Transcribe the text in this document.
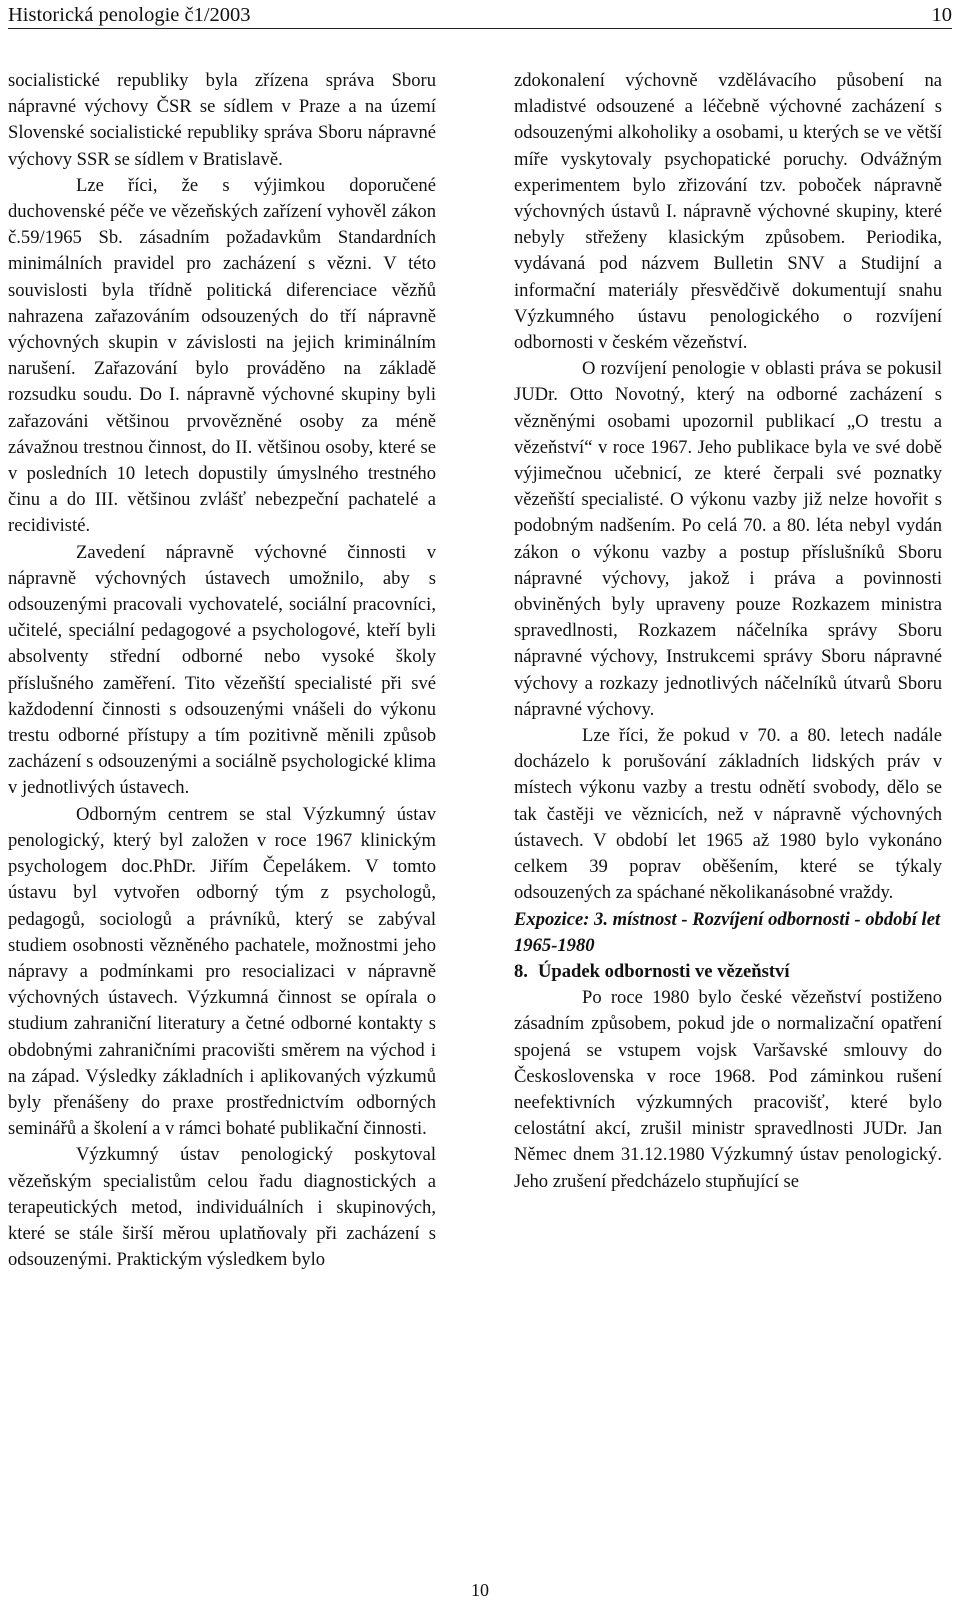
Historická penologie č1/2003	10

socialistické republiky byla zřízena správa Sboru nápravné výchovy ČSR se sídlem v Praze a na území Slovenské socialistické republiky správa Sboru nápravné výchovy SSR se sídlem v Bratislavě.

Lze říci, že s výjimkou doporučené duchovenské péče ve vězeňských zařízení vyhověl zákon č.59/1965 Sb. zásadním požadavkům Standardních minimálních pravidel pro zacházení s vězni. V této souvislosti byla třídně politická diferenciace vězňů nahrazena zařazováním odsouzených do tří nápravně výchovných skupin v závislosti na jejich kriminálním narušení. Zařazování bylo prováděno na základě rozsudku soudu. Do I. nápravně výchovné skupiny byli zařazováni většinou prvovězněné osoby za méně závažnou trestnou činnost, do II. většinou osoby, které se v posledních 10 letech dopustily úmyslného trestného činu a do III. většinou zvlášť nebezpeční pachatelé a recidivisté.

Zavedení nápravně výchovné činnosti v nápravně výchovných ústavech umožnilo, aby s odsouzenými pracovali vychovatelé, sociální pracovníci, učitelé, speciální pedagogové a psychologové, kteří byli absolventy střední odborné nebo vysoké školy příslušného zaměření. Tito vězeňští specialisté při své každodenní činnosti s odsouzenými vnášeli do výkonu trestu odborné přístupy a tím pozitivně měnili způsob zacházení s odsouzenými a sociálně psychologické klima v jednotlivých ústavech.

Odborným centrem se stal Výzkumný ústav penologický, který byl založen v roce 1967 klinickým psychologem doc.PhDr. Jiřím Čepelákem. V tomto ústavu byl vytvořen odborný tým z psychologů, pedagogů, sociologů a právníků, který se zabýval studiem osobnosti vězněného pachatele, možnostmi jeho nápravy a podmínkami pro resocializaci v nápravně výchovných ústavech. Výzkumná činnost se opírala o studium zahraniční literatury a četné odborné kontakty s obdobnými zahraničními pracovišti směrem na východ i na západ. Výsledky základních i aplikovaných výzkumů byly přenášeny do praxe prostřednictvím odborných seminářů a školení a v rámci bohaté publikační činnosti.

Výzkumný ústav penologický poskytoval vězeňským specialistům celou řadu diagnostických a terapeutických metod, individuálních i skupinových, které se stále širší měrou uplatňovaly při zacházení s odsouzenými. Praktickým výsledkem bylo

zdokonalení výchovně vzdělávacího působení na mladistvé odsouzené a léčebně výchovné zacházení s odsouzenými alkoholiky a osobami, u kterých se ve větší míře vyskytovaly psychopatické poruchy. Odvážným experimentem bylo zřizování tzv. poboček nápravně výchovných ústavů I. nápravně výchovné skupiny, které nebyly střeženy klasickým způsobem. Periodika, vydávaná pod názvem Bulletin SNV a Studijní a informační materiály přesvědčivě dokumentují snahu Výzkumného ústavu penologického o rozvíjení odbornosti v českém vězeňství.

O rozvíjení penologie v oblasti práva se pokusil JUDr. Otto Novotný, který na odborné zacházení s vězněnými osobami upozornil publikací „O trestu a vězeňství“ v roce 1967. Jeho publikace byla ve své době výjimečnou učebnicí, ze které čerpali své poznatky vězeňští specialisté. O výkonu vazby již nelze hovořit s podobným nadšením. Po celá 70. a 80. léta nebyl vydán zákon o výkonu vazby a postup příslušníků Sboru nápravné výchovy, jakož i práva a povinnosti obviněných byly upraveny pouze Rozkazem ministra spravedlnosti, Rozkazem náčelníka správy Sboru nápravné výchovy, Instrukcemi správy Sboru nápravné výchovy a rozkazy jednotlivých náčelníků útvarů Sboru nápravné výchovy.

Lze říci, že pokud v 70. a 80. letech nadále docházelo k porušování základních lidských práv v místech výkonu vazby a trestu odnětí svobody, dělo se tak častěji ve věznicích, než v nápravně výchovných ústavech. V období let 1965 až 1980 bylo vykonáno celkem 39 poprav oběšením, které se týkaly odsouzených za spáchané několikanásobné vraždy.

Expozice: 3. místnost - Rozvíjení odbornosti - období let 1965-1980

8. Úpadek odbornosti ve vězeňství

Po roce 1980 bylo české vězeňství postiženo zásadním způsobem, pokud jde o normalizační opatření spojená se vstupem vojsk Varšavské smlouvy do Československa v roce 1968. Pod záminkou rušení neefektivních výzkumných pracovišť, které bylo celostátní akcí, zrušil ministr spravedlnosti JUDr. Jan Němec dnem 31.12.1980 Výzkumný ústav penologický. Jeho zrušení předcházelo stupňující se

10
